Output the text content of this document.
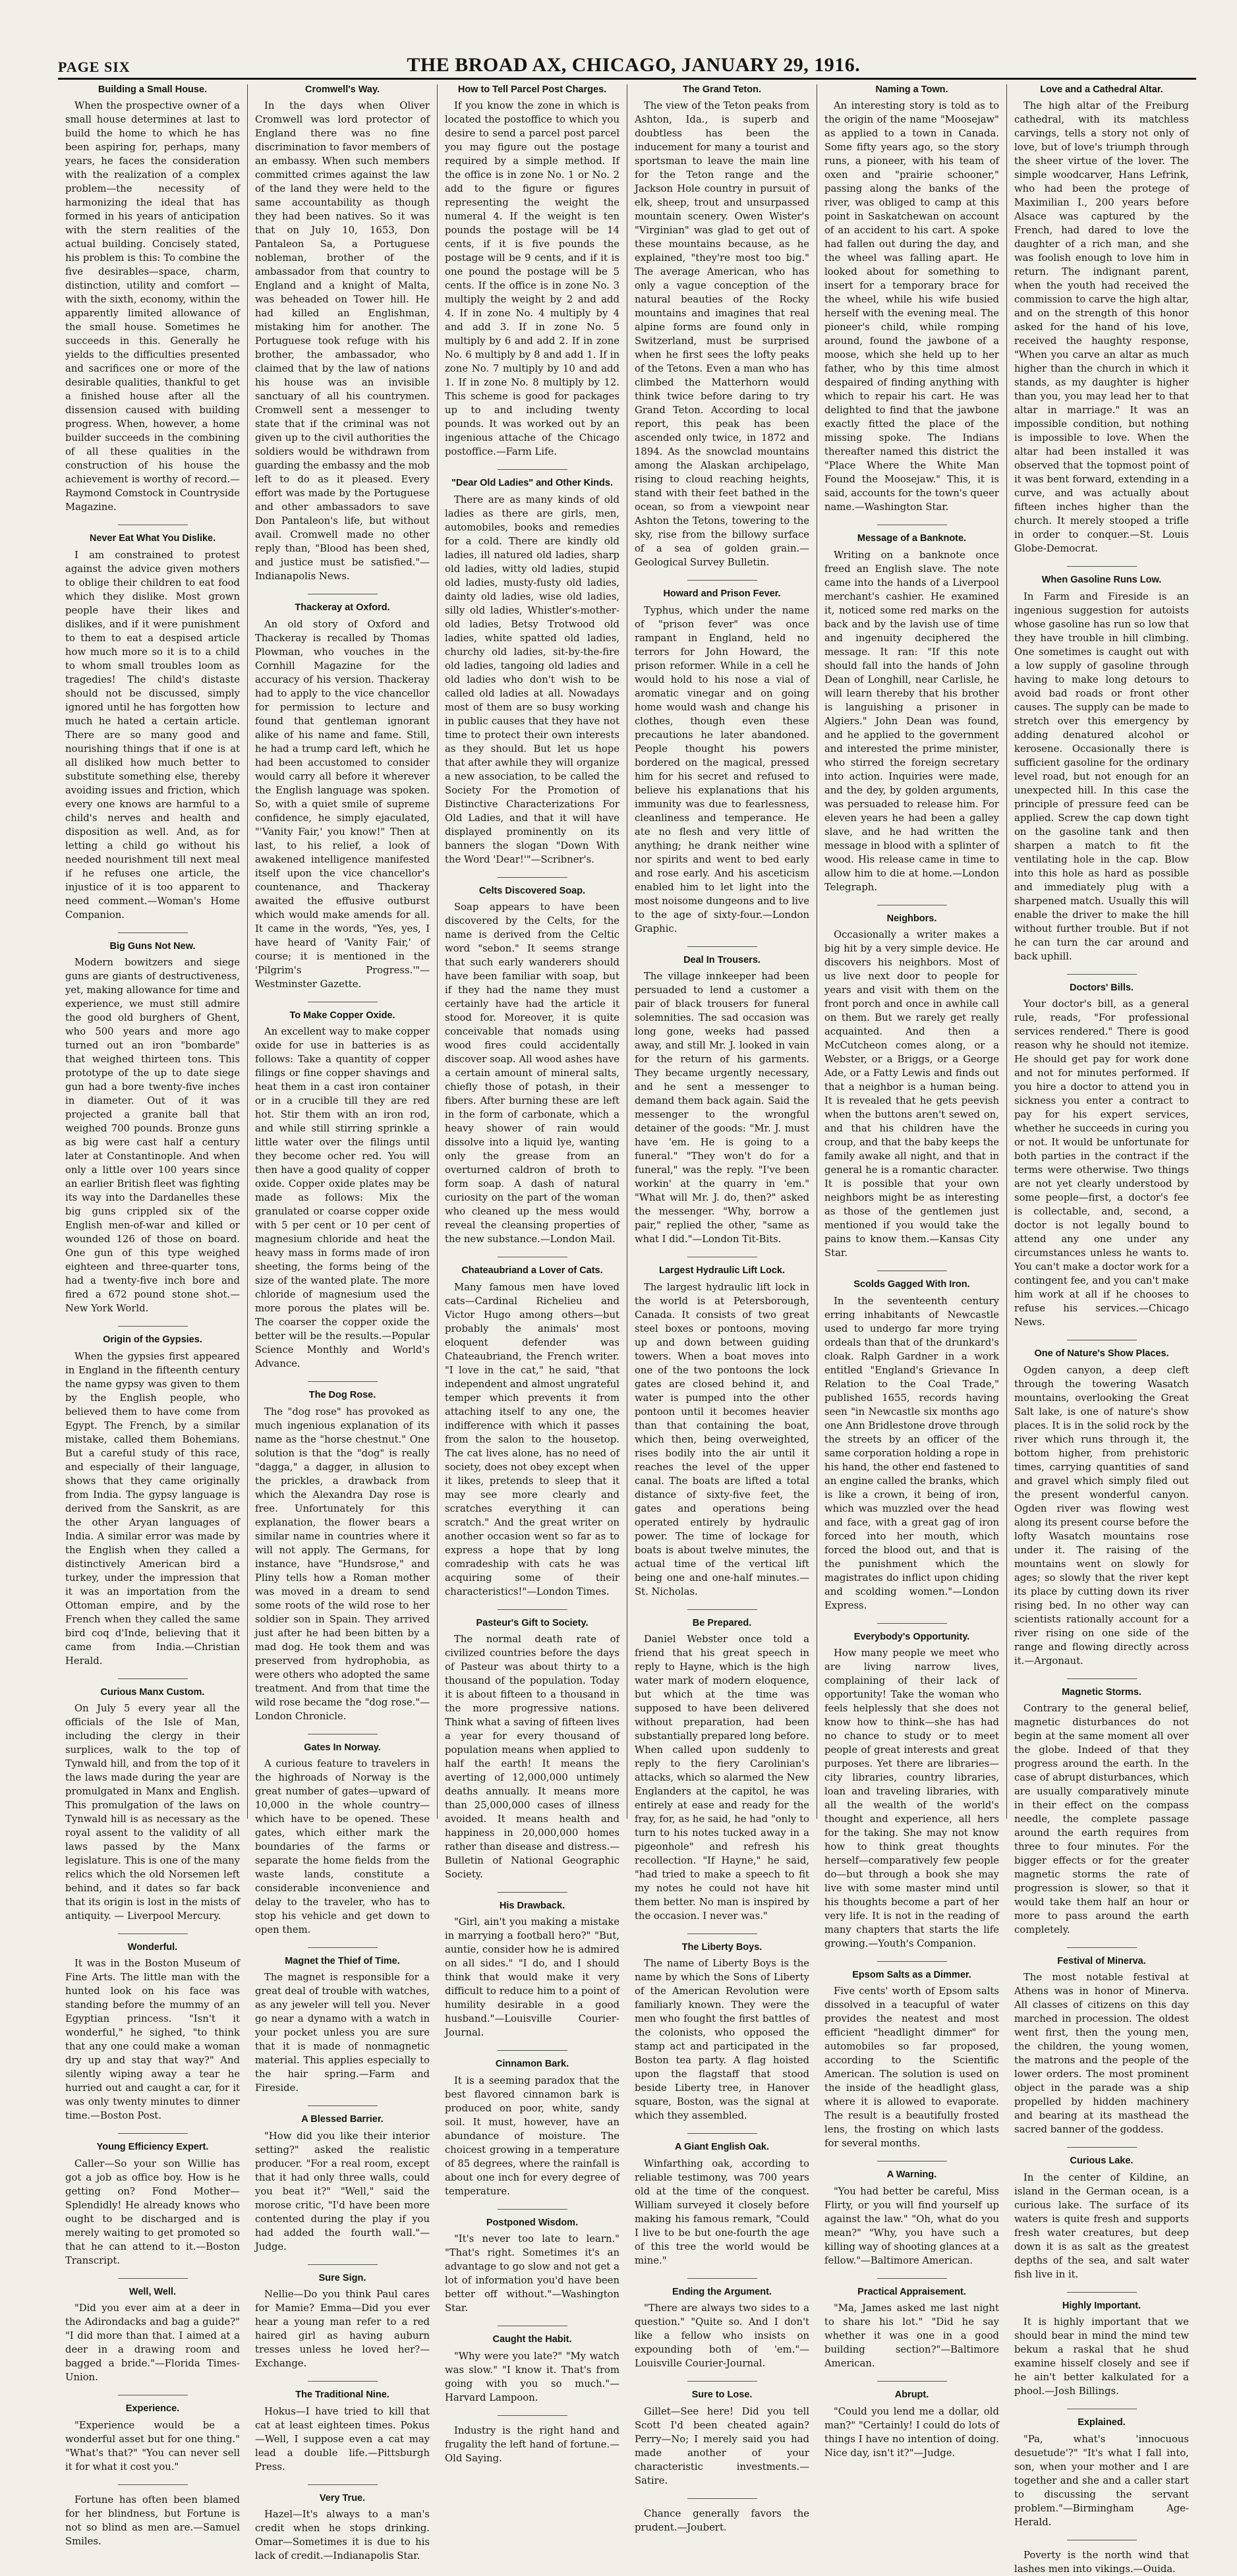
PAGE SIX	THE BROAD AX, CHICAGO, JANUARY 29, 1916.
Building a Small House.

When the prospective owner of a small house determines at last to build the home to which he has been aspiring for, perhaps, many years, he faces the consideration with the realization of a complex problem—the necessity of harmonizing the ideal that has formed in his years of anticipation with the stern realities of the actual building. Concisely stated, his problem is this: To combine the five desirables—space, charm, distinction, utility and comfort —with the sixth, economy, within the apparently limited allowance of the small house. Sometimes he succeeds in this. Generally he yields to the difficulties presented and sacrifices one or more of the desirable qualities, thankful to get a finished house after all the dissension caused with building progress. When, however, a home builder succeeds in the combining of all these qualities in the construction of his house the achievement is worthy of record.—Raymond Comstock in Countryside Magazine.

Never Eat What You Dislike.

I am constrained to protest against the advice given mothers to oblige their children to eat food which they dislike. Most grown people have their likes and dislikes, and if it were punishment to them to eat a despised article how much more so it is to a child to whom small troubles loom as tragedies! The child's distaste should not be discussed, simply ignored until he has forgotten how much he hated a certain article. There are so many good and nourishing things that if one is at all disliked how much better to substitute something else, thereby avoiding issues and friction, which every one knows are harmful to a child's nerves and health and disposition as well. And, as for letting a child go without his needed nourishment till next meal if he refuses one article, the injustice of it is too apparent to need comment.—Woman's Home Companion.

Big Guns Not New.

Modern bowitzers and siege guns are giants of destructiveness, yet, making allowance for time and experience, we must still admire the good old burghers of Ghent, who 500 years and more ago turned out an iron "bombarde" that weighed thirteen tons. This prototype of the up to date siege gun had a bore twenty-five inches in diameter. Out of it was projected a granite ball that weighed 700 pounds. Bronze guns as big were cast half a century later at Constantinople. And when only a little over 100 years since an earlier British fleet was fighting its way into the Dardanelles these big guns crippled six of the English men-of-war and killed or wounded 126 of those on board. One gun of this type weighed eighteen and three-quarter tons, had a twenty-five inch bore and fired a 672 pound stone shot.—New York World.

Origin of the Gypsies.

When the gypsies first appeared in England in the fifteenth century the name gypsy was given to them by the English people, who believed them to have come from Egypt. The French, by a similar mistake, called them Bohemians. But a careful study of this race, and especially of their language, shows that they came originally from India. The gypsy language is derived from the Sanskrit, as are the other Aryan languages of India. A similar error was made by the English when they called a distinctively American bird a turkey, under the impression that it was an importation from the Ottoman empire, and by the French when they called the same bird coq d'Inde, believing that it came from India.—Christian Herald.

Curious Manx Custom.

On July 5 every year all the officials of the Isle of Man, including the clergy in their surplices, walk to the top of Tynwald hill, and from the top of it the laws made during the year are promulgated in Manx and English. This promulgation of the laws on Tynwald hill is as necessary as the royal assent to the validity of all laws passed by the Manx legislature. This is one of the many relics which the old Norsemen left behind, and it dates so far back that its origin is lost in the mists of antiquity. — Liverpool Mercury.

Wonderful.

It was in the Boston Museum of Fine Arts. The little man with the hunted look on his face was standing before the mummy of an Egyptian princess. "Isn't it wonderful," he sighed, "to think that any one could make a woman dry up and stay that way?" And silently wiping away a tear he hurried out and caught a car, for it was only twenty minutes to dinner time.—Boston Post.

Young Efficiency Expert.

Caller—So your son Willie has got a job as office boy. How is he getting on? Fond Mother—Splendidly! He already knows who ought to be discharged and is merely waiting to get promoted so that he can attend to it.—Boston Transcript.

Well, Well.

"Did you ever aim at a deer in the Adirondacks and bag a guide?" "I did more than that. I aimed at a deer in a drawing room and bagged a bride."—Florida Times-Union.

Experience.

"Experience would be a wonderful asset but for one thing." "What's that?" "You can never sell it for what it cost you."

Fortune has often been blamed for her blindness, but Fortune is not so blind as men are.—Samuel Smiles.

Cromwell's Way.

In the days when Oliver Cromwell was lord protector of England there was no fine discrimination to favor members of an embassy. When such members committed crimes against the law of the land they were held to the same accountability as though they had been natives. So it was that on July 10, 1653, Don Pantaleon Sa, a Portuguese nobleman, brother of the ambassador from that country to England and a knight of Malta, was beheaded on Tower hill. He had killed an Englishman, mistaking him for another. The Portuguese took refuge with his brother, the ambassador, who claimed that by the law of nations his house was an invisible sanctuary of all his countrymen. Cromwell sent a messenger to state that if the criminal was not given up to the civil authorities the soldiers would be withdrawn from guarding the embassy and the mob left to do as it pleased. Every effort was made by the Portuguese and other ambassadors to save Don Pantaleon's life, but without avail. Cromwell made no other reply than, "Blood has been shed, and justice must be satisfied."—Indianapolis News.

Thackeray at Oxford.

An old story of Oxford and Thackeray is recalled by Thomas Plowman, who vouches in the Cornhill Magazine for the accuracy of his version. Thackeray had to apply to the vice chancellor for permission to lecture and found that gentleman ignorant alike of his name and fame. Still, he had a trump card left, which he had been accustomed to consider would carry all before it wherever the English language was spoken. So, with a quiet smile of supreme confidence, he simply ejaculated, "'Vanity Fair,' you know!" Then at last, to his relief, a look of awakened intelligence manifested itself upon the vice chancellor's countenance, and Thackeray awaited the effusive outburst which would make amends for all. It came in the words, "Yes, yes, I have heard of 'Vanity Fair,' of course; it is mentioned in the 'Pilgrim's Progress.'"—Westminster Gazette.

To Make Copper Oxide.

An excellent way to make copper oxide for use in batteries is as follows: Take a quantity of copper filings or fine copper shavings and heat them in a cast iron container or in a crucible till they are red hot. Stir them with an iron rod, and while still stirring sprinkle a little water over the filings until they become ocher red. You will then have a good quality of copper oxide. Copper oxide plates may be made as follows: Mix the granulated or coarse copper oxide with 5 per cent or 10 per cent of magnesium chloride and heat the heavy mass in forms made of iron sheeting, the forms being of the size of the wanted plate. The more chloride of magnesium used the more porous the plates will be. The coarser the copper oxide the better will be the results.—Popular Science Monthly and World's Advance.

The Dog Rose.

The "dog rose" has provoked as much ingenious explanation of its name as the "horse chestnut." One solution is that the "dog" is really "dagga," a dagger, in allusion to the prickles, a drawback from which the Alexandra Day rose is free. Unfortunately for this explanation, the flower bears a similar name in countries where it will not apply. The Germans, for instance, have "Hundsrose," and Pliny tells how a Roman mother was moved in a dream to send some roots of the wild rose to her soldier son in Spain. They arrived just after he had been bitten by a mad dog. He took them and was preserved from hydrophobia, as were others who adopted the same treatment. And from that time the wild rose became the "dog rose."—London Chronicle.

Gates In Norway.

A curious feature to travelers in the highroads of Norway is the great number of gates—upward of 10,000 in the whole country—which have to be opened. These gates, which either mark the boundaries of the farms or separate the home fields from the waste lands, constitute a considerable inconvenience and delay to the traveler, who has to stop his vehicle and get down to open them.

Magnet the Thief of Time.

The magnet is responsible for a great deal of trouble with watches, as any jeweler will tell you. Never go near a dynamo with a watch in your pocket unless you are sure that it is made of nonmagnetic material. This applies especially to the hair spring.—Farm and Fireside.

A Blessed Barrier.

"How did you like their interior setting?" asked the realistic producer. "For a real room, except that it had only three walls, could you beat it?" "Well," said the morose critic, "I'd have been more contented during the play if you had added the fourth wall."—Judge.

Sure Sign.

Nellie—Do you think Paul cares for Mamie? Emma—Did you ever hear a young man refer to a red haired girl as having auburn tresses unless he loved her?—Exchange.

The Traditional Nine.

Hokus—I have tried to kill that cat at least eighteen times. Pokus—Well, I suppose even a cat may lead a double life.—Pittsburgh Press.

Very True.

Hazel—It's always to a man's credit when he stops drinking. Omar—Sometimes it is due to his lack of credit.—Indianapolis Star.

How to Tell Parcel Post Charges.

If you know the zone in which is located the postoffice to which you desire to send a parcel post parcel you may figure out the postage required by a simple method. If the office is in zone No. 1 or No. 2 add to the figure or figures representing the weight the numeral 4. If the weight is ten pounds the postage will be 14 cents, if it is five pounds the postage will be 9 cents, and if it is one pound the postage will be 5 cents. If the office is in zone No. 3 multiply the weight by 2 and add 4. If in zone No. 4 multiply by 4 and add 3. If in zone No. 5 multiply by 6 and add 2. If in zone No. 6 multiply by 8 and add 1. If in zone No. 7 multiply by 10 and add 1. If in zone No. 8 multiply by 12. This scheme is good for packages up to and including twenty pounds. It was worked out by an ingenious attache of the Chicago postoffice.—Farm Life.

"Dear Old Ladies" and Other Kinds.

There are as many kinds of old ladies as there are girls, men, automobiles, books and remedies for a cold. There are kindly old ladies, ill natured old ladies, sharp old ladies, witty old ladies, stupid old ladies, musty-fusty old ladies, dainty old ladies, wise old ladies, silly old ladies, Whistler's-mother-old ladies, Betsy Trotwood old ladies, white spatted old ladies, churchy old ladies, sit-by-the-fire old ladies, tangoing old ladies and old ladies who don't wish to be called old ladies at all. Nowadays most of them are so busy working in public causes that they have not time to protect their own interests as they should. But let us hope that after awhile they will organize a new association, to be called the Society For the Promotion of Distinctive Characterizations For Old Ladies, and that it will have displayed prominently on its banners the slogan "Down With the Word 'Dear!'"—Scribner's.

Celts Discovered Soap.

Soap appears to have been discovered by the Celts, for the name is derived from the Celtic word "sebon." It seems strange that such early wanderers should have been familiar with soap, but if they had the name they must certainly have had the article it stood for. Moreover, it is quite conceivable that nomads using wood fires could accidentally discover soap. All wood ashes have a certain amount of mineral salts, chiefly those of potash, in their fibers. After burning these are left in the form of carbonate, which a heavy shower of rain would dissolve into a liquid lye, wanting only the grease from an overturned caldron of broth to form soap. A dash of natural curiosity on the part of the woman who cleaned up the mess would reveal the cleansing properties of the new substance.—London Mail.

Chateaubriand a Lover of Cats.

Many famous men have loved cats—Cardinal Richelieu and Victor Hugo among others—but probably the animals' most eloquent defender was Chateaubriand, the French writer. "I love in the cat," he said, "that independent and almost ungrateful temper which prevents it from attaching itself to any one, the indifference with which it passes from the salon to the housetop. The cat lives alone, has no need of society, does not obey except when it likes, pretends to sleep that it may see more clearly and scratches everything it can scratch." And the great writer on another occasion went so far as to express a hope that by long comradeship with cats he was acquiring some of their characteristics!"—London Times.

Pasteur's Gift to Society.

The normal death rate of civilized countries before the days of Pasteur was about thirty to a thousand of the population. Today it is about fifteen to a thousand in the more progressive nations. Think what a saving of fifteen lives a year for every thousand of population means when applied to half the earth! It means the averting of 12,000,000 untimely deaths annually. It means more than 25,000,000 cases of illness avoided. It means health and happiness in 20,000,000 homes rather than disease and distress.—Bulletin of National Geographic Society.

His Drawback.

"Girl, ain't you making a mistake in marrying a football hero?" "But, auntie, consider how he is admired on all sides." "I do, and I should think that would make it very difficult to reduce him to a point of humility desirable in a good husband."—Louisville Courier-Journal.

Cinnamon Bark.

It is a seeming paradox that the best flavored cinnamon bark is produced on poor, white, sandy soil. It must, however, have an abundance of moisture. The choicest growing in a temperature of 85 degrees, where the rainfall is about one inch for every degree of temperature.

Postponed Wisdom.

"It's never too late to learn." "That's right. Sometimes it's an advantage to go slow and not get a lot of information you'd have been better off without."—Washington Star.

Caught the Habit.

"Why were you late?" "My watch was slow." "I know it. That's from going with you so much."—Harvard Lampoon.

Industry is the right hand and frugality the left hand of fortune.—Old Saying.

The Grand Teton.

The view of the Teton peaks from Ashton, Ida., is superb and doubtless has been the inducement for many a tourist and sportsman to leave the main line for the Teton range and the Jackson Hole country in pursuit of elk, sheep, trout and unsurpassed mountain scenery. Owen Wister's "Virginian" was glad to get out of these mountains because, as he explained, "they're most too big." The average American, who has only a vague conception of the natural beauties of the Rocky mountains and imagines that real alpine forms are found only in Switzerland, must be surprised when he first sees the lofty peaks of the Tetons. Even a man who has climbed the Matterhorn would think twice before daring to try Grand Teton. According to local report, this peak has been ascended only twice, in 1872 and 1894. As the snowclad mountains among the Alaskan archipelago, rising to cloud reaching heights, stand with their feet bathed in the ocean, so from a viewpoint near Ashton the Tetons, towering to the sky, rise from the billowy surface of a sea of golden grain.—Geological Survey Bulletin.

Howard and Prison Fever.

Typhus, which under the name of "prison fever" was once rampant in England, held no terrors for John Howard, the prison reformer. While in a cell he would hold to his nose a vial of aromatic vinegar and on going home would wash and change his clothes, though even these precautions he later abandoned. People thought his powers bordered on the magical, pressed him for his secret and refused to believe his explanations that his immunity was due to fearlessness, cleanliness and temperance. He ate no flesh and very little of anything; he drank neither wine nor spirits and went to bed early and rose early. And his asceticism enabled him to let light into the most noisome dungeons and to live to the age of sixty-four.—London Graphic.

Deal In Trousers.

The village innkeeper had been persuaded to lend a customer a pair of black trousers for funeral solemnities. The sad occasion was long gone, weeks had passed away, and still Mr. J. looked in vain for the return of his garments. They became urgently necessary, and he sent a messenger to demand them back again. Said the messenger to the wrongful detainer of the goods: "Mr. J. must have 'em. He is going to a funeral." "They won't do for a funeral," was the reply. "I've been workin' at the quarry in 'em." "What will Mr. J. do, then?" asked the messenger. "Why, borrow a pair," replied the other, "same as what I did."—London Tit-Bits.

Largest Hydraulic Lift Lock.

The largest hydraulic lift lock in the world is at Petersborough, Canada. It consists of two great steel boxes or pontoons, moving up and down between guiding towers. When a boat moves into one of the two pontoons the lock gates are closed behind it, and water is pumped into the other pontoon until it becomes heavier than that containing the boat, which then, being overweighted, rises bodily into the air until it reaches the level of the upper canal. The boats are lifted a total distance of sixty-five feet, the gates and operations being operated entirely by hydraulic power. The time of lockage for boats is about twelve minutes, the actual time of the vertical lift being one and one-half minutes.—St. Nicholas.

Be Prepared.

Daniel Webster once told a friend that his great speech in reply to Hayne, which is the high water mark of modern eloquence, but which at the time was supposed to have been delivered without preparation, had been substantially prepared long before. When called upon suddenly to reply to the fiery Carolinian's attacks, which so alarmed the New Englanders at the capitol, he was entirely at ease and ready for the fray, for, as he said, he had "only to turn to his notes tucked away in a pigeonhole" and refresh his recollection. "If Hayne," he said, "had tried to make a speech to fit my notes he could not have hit them better. No man is inspired by the occasion. I never was."

The Liberty Boys.

The name of Liberty Boys is the name by which the Sons of Liberty of the American Revolution were familiarly known. They were the men who fought the first battles of the colonists, who opposed the stamp act and participated in the Boston tea party. A flag hoisted upon the flagstaff that stood beside Liberty tree, in Hanover square, Boston, was the signal at which they assembled.

A Giant English Oak.

Winfarthing oak, according to reliable testimony, was 700 years old at the time of the conquest. William surveyed it closely before making his famous remark, "Could I live to be but one-fourth the age of this tree the world would be mine."

Ending the Argument.

"There are always two sides to a question." "Quite so. And I don't like a fellow who insists on expounding both of 'em."—Louisville Courier-Journal.

Sure to Lose.

Gillet—See here! Did you tell Scott I'd been cheated again? Perry—No; I merely said you had made another of your characteristic investments.—Satire.

Chance generally favors the prudent.—Joubert.

Naming a Town.

An interesting story is told as to the origin of the name "Moosejaw" as applied to a town in Canada. Some fifty years ago, so the story runs, a pioneer, with his team of oxen and "prairie schooner," passing along the banks of the river, was obliged to camp at this point in Saskatchewan on account of an accident to his cart. A spoke had fallen out during the day, and the wheel was falling apart. He looked about for something to insert for a temporary brace for the wheel, while his wife busied herself with the evening meal. The pioneer's child, while romping around, found the jawbone of a moose, which she held up to her father, who by this time almost despaired of finding anything with which to repair his cart. He was delighted to find that the jawbone exactly fitted the place of the missing spoke. The Indians thereafter named this district the "Place Where the White Man Found the Moosejaw." This, it is said, accounts for the town's queer name.—Washington Star.

Message of a Banknote.

Writing on a banknote once freed an English slave. The note came into the hands of a Liverpool merchant's cashier. He examined it, noticed some red marks on the back and by the lavish use of time and ingenuity deciphered the message. It ran: "If this note should fall into the hands of John Dean of Longhill, near Carlisle, he will learn thereby that his brother is languishing a prisoner in Algiers." John Dean was found, and he applied to the government and interested the prime minister, who stirred the foreign secretary into action. Inquiries were made, and the dey, by golden arguments, was persuaded to release him. For eleven years he had been a galley slave, and he had written the message in blood with a splinter of wood. His release came in time to allow him to die at home.—London Telegraph.

Neighbors.

Occasionally a writer makes a big hit by a very simple device. He discovers his neighbors. Most of us live next door to people for years and visit with them on the front porch and once in awhile call on them. But we rarely get really acquainted. And then a McCutcheon comes along, or a Webster, or a Briggs, or a George Ade, or a Fatty Lewis and finds out that a neighbor is a human being. It is revealed that he gets peevish when the buttons aren't sewed on, and that his children have the croup, and that the baby keeps the family awake all night, and that in general he is a romantic character. It is possible that your own neighbors might be as interesting as those of the gentlemen just mentioned if you would take the pains to know them.—Kansas City Star.

Scolds Gagged With Iron.

In the seventeenth century erring inhabitants of Newcastle used to undergo far more trying ordeals than that of the drunkard's cloak. Ralph Gardner in a work entitled "England's Grievance In Relation to the Coal Trade," published 1655, records having seen "in Newcastle six months ago one Ann Bridlestone drove through the streets by an officer of the same corporation holding a rope in his hand, the other end fastened to an engine called the branks, which is like a crown, it being of iron, which was muzzled over the head and face, with a great gag of iron forced into her mouth, which forced the blood out, and that is the punishment which the magistrates do inflict upon chiding and scolding women."—London Express.

Everybody's Opportunity.

How many people we meet who are living narrow lives, complaining of their lack of opportunity! Take the woman who feels helplessly that she does not know how to think—she has had no chance to study or to meet people of great interests and great purposes. Yet there are libraries—city libraries, country libraries, loan and traveling libraries, with all the wealth of the world's thought and experience, all hers for the taking. She may not know how to think great thoughts herself—comparatively few people do—but through a book she may live with some master mind until his thoughts become a part of her very life. It is not in the reading of many chapters that starts the life growing.—Youth's Companion.

Epsom Salts as a Dimmer.

Five cents' worth of Epsom salts dissolved in a teacupful of water provides the neatest and most efficient "headlight dimmer" for automobiles so far proposed, according to the Scientific American. The solution is used on the inside of the headlight glass, where it is allowed to evaporate. The result is a beautifully frosted lens, the frosting on which lasts for several months.

A Warning.

"You had better be careful, Miss Flirty, or you will find yourself up against the law." "Oh, what do you mean?" "Why, you have such a killing way of shooting glances at a fellow."—Baltimore American.

Practical Appraisement.

"Ma, James asked me last night to share his lot." "Did he say whether it was one in a good building section?"—Baltimore American.

Abrupt.

"Could you lend me a dollar, old man?" "Certainly! I could do lots of things I have no intention of doing. Nice day, isn't it?"—Judge.

Love and a Cathedral Altar.

The high altar of the Freiburg cathedral, with its matchless carvings, tells a story not only of love, but of love's triumph through the sheer virtue of the lover. The simple woodcarver, Hans Lefrink, who had been the protege of Maximilian I., 200 years before Alsace was captured by the French, had dared to love the daughter of a rich man, and she was foolish enough to love him in return. The indignant parent, when the youth had received the commission to carve the high altar, and on the strength of this honor asked for the hand of his love, received the haughty response, "When you carve an altar as much higher than the church in which it stands, as my daughter is higher than you, you may lead her to that altar in marriage." It was an impossible condition, but nothing is impossible to love. When the altar had been installed it was observed that the topmost point of it was bent forward, extending in a curve, and was actually about fifteen inches higher than the church. It merely stooped a trifle in order to conquer.—St. Louis Globe-Democrat.

When Gasoline Runs Low.

In Farm and Fireside is an ingenious suggestion for autoists whose gasoline has run so low that they have trouble in hill climbing. One sometimes is caught out with a low supply of gasoline through having to make long detours to avoid bad roads or front other causes. The supply can be made to stretch over this emergency by adding denatured alcohol or kerosene. Occasionally there is sufficient gasoline for the ordinary level road, but not enough for an unexpected hill. In this case the principle of pressure feed can be applied. Screw the cap down tight on the gasoline tank and then sharpen a match to fit the ventilating hole in the cap. Blow into this hole as hard as possible and immediately plug with a sharpened match. Usually this will enable the driver to make the hill without further trouble. But if not he can turn the car around and back uphill.

Doctors' Bills.

Your doctor's bill, as a general rule, reads, "For professional services rendered." There is good reason why he should not itemize. He should get pay for work done and not for minutes performed. If you hire a doctor to attend you in sickness you enter a contract to pay for his expert services, whether he succeeds in curing you or not. It would be unfortunate for both parties in the contract if the terms were otherwise. Two things are not yet clearly understood by some people—first, a doctor's fee is collectable, and, second, a doctor is not legally bound to attend any one under any circumstances unless he wants to. You can't make a doctor work for a contingent fee, and you can't make him work at all if he chooses to refuse his services.—Chicago News.

One of Nature's Show Places.

Ogden canyon, a deep cleft through the towering Wasatch mountains, overlooking the Great Salt lake, is one of nature's show places. It is in the solid rock by the river which runs through it, the bottom higher, from prehistoric times, carrying quantities of sand and gravel which simply filed out the present wonderful canyon. Ogden river was flowing west along its present course before the lofty Wasatch mountains rose under it. The raising of the mountains went on slowly for ages; so slowly that the river kept its place by cutting down its river rising bed. In no other way can scientists rationally account for a river rising on one side of the range and flowing directly across it.—Argonaut.

Magnetic Storms.

Contrary to the general belief, magnetic disturbances do not begin at the same moment all over the globe. Indeed of that they progress around the earth. In the case of abrupt disturbances, which are usually comparatively minute in their effect on the compass needle, the complete passage around the earth requires from three to four minutes. For the bigger effects or for the greater magnetic storms the rate of progression is slower, so that it would take them half an hour or more to pass around the earth completely.

Festival of Minerva.

The most notable festival at Athens was in honor of Minerva. All classes of citizens on this day marched in procession. The oldest went first, then the young men, the children, the young women, the matrons and the people of the lower orders. The most prominent object in the parade was a ship propelled by hidden machinery and bearing at its masthead the sacred banner of the goddess.

Curious Lake.

In the center of Kildine, an island in the German ocean, is a curious lake. The surface of its waters is quite fresh and supports fresh water creatures, but deep down it is as salt as the greatest depths of the sea, and salt water fish live in it.

Highly Important.

It is highly important that we should bear in mind the mind tew bekum a raskal that he shud examine hisself closely and see if he ain't better kalkulated for a phool.—Josh Billings.

Explained.

"Pa, what's 'innocuous desuetude'?" "It's what I fall into, son, when your mother and I are together and she and a caller start to discussing the servant problem."—Birmingham Age-Herald.

Poverty is the north wind that lashes men into vikings.—Ouida.
